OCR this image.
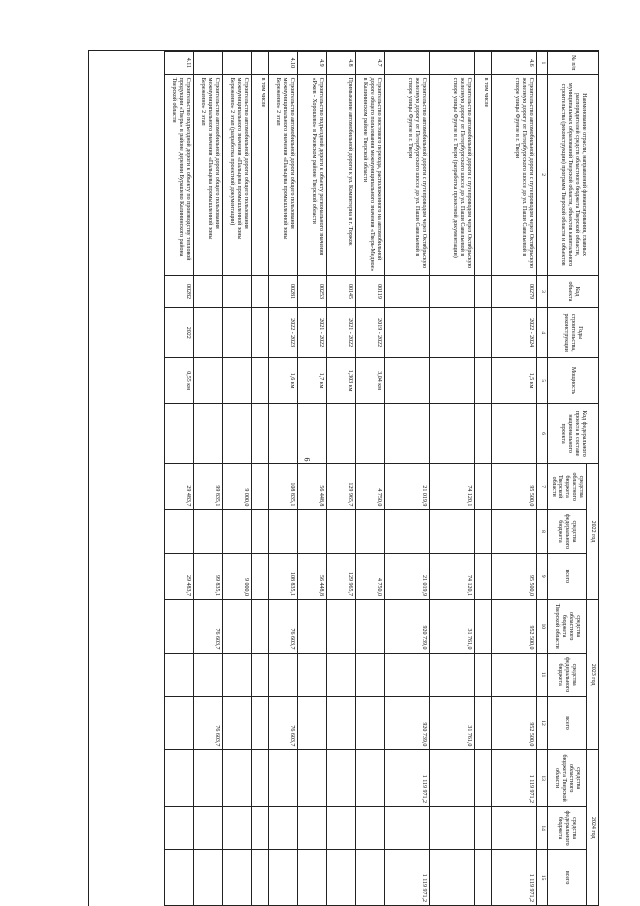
6
№ п/п	Наименование отрасли, направлений финансирования, главных распорядителей средств областного бюджета Тверской области, муниципальных образований Тверской области, объектов капитального строительства (реконструкции) программ Тверской области и объектов	Код объекта	Годы строительства, реконструкции	Мощность	Код федерального проекта в составе национального проекта	2022 год			2023 год			2024 год		
						средства областного бюджета Тверской области	средства федерального бюджета	всего	средства областного бюджета Тверской области	средства федерального бюджета	всего	средства областного бюджета Тверской области	средства федерального бюджета	всего
1	2	3	4	5	6	7	8	9	10	11	12	13	14	15
4.6	Строительство автомобильной дороги с путепроводом через Октябрьскую железную дорогу от Петербургского шоссе до ул. Паши Савельевой в створе улицы Фрунзе в г. Твери	00279	2022 - 2024	1,5 км		95 500,0		95 500,0	952 500,0		952 500,0	1 119 971,2		1 119 971,2
	в том числе													
	Строительство автомобильной дороги с путепроводом через Октябрьскую железную дорогу от Петербургского шоссе до ул. Паши Савельевой в створе улицы Фрунзе в г. Твери (разработка проектной документации)					74 120,1		74 120,1	31 761,0		31 761,0			
	Строительство автомобильной дороги с путепроводом через Октябрьскую железную дорогу от Петербургского шоссе до ул. Паши Савельевой в створе улицы Фрунзе в г. Твери					21 019,9		21 019,9	920 739,0		920 739,0	1 119 971,2		1 119 971,2
4.7	Строительство мостового перехода, расположенного на автомобильной дороге общего пользования межмуниципального значения «Тверь-Медное» в Калининском районе Тверской области	00119	2019 - 2022	3,04 км		4 750,0		4 750,0						
4.8	Примыкание автомобильной дороги к ул. Коминтерна в г. Торжок	00145	2021 - 2022	1,303 км		129 965,7		129 965,7						
4.9	Строительство подъездной дороги к объекту регионального значения «Ржев - Хорошево» в Ржевском районе Тверской области	00253	2021 - 2022	1,7 км		56 448,8		56 448,8						
4.10	Строительство автомобильной дороги общего пользования межмуниципального значения «Пальцева промышленной зоны Береженно» 2 этап	00281	2022 - 2023	1,6 км		108 835,1		108 835,1	76 603,7		76 603,7			
	в том числе													
	Строительство автомобильной дороги общего пользования межмуниципального значения «Пальцева промышленной зоны Береженно» 2 этап (разработка проектной документации)					9 000,0		9 000,0						
	Строительство автомобильной дороги общего пользования межмуниципального значения «Пальцева промышленной зоны Береженно» 2 этап					99 835,1		99 835,1	76 603,7		76 603,7			
4.11	Строительство подъездной дороги к объекту по производству тепловой продукции «Тверь» в районе деревни Бурашево Калининского района Тверской области	00282	2022	0,55 км		29 483,7		29 483,7						
